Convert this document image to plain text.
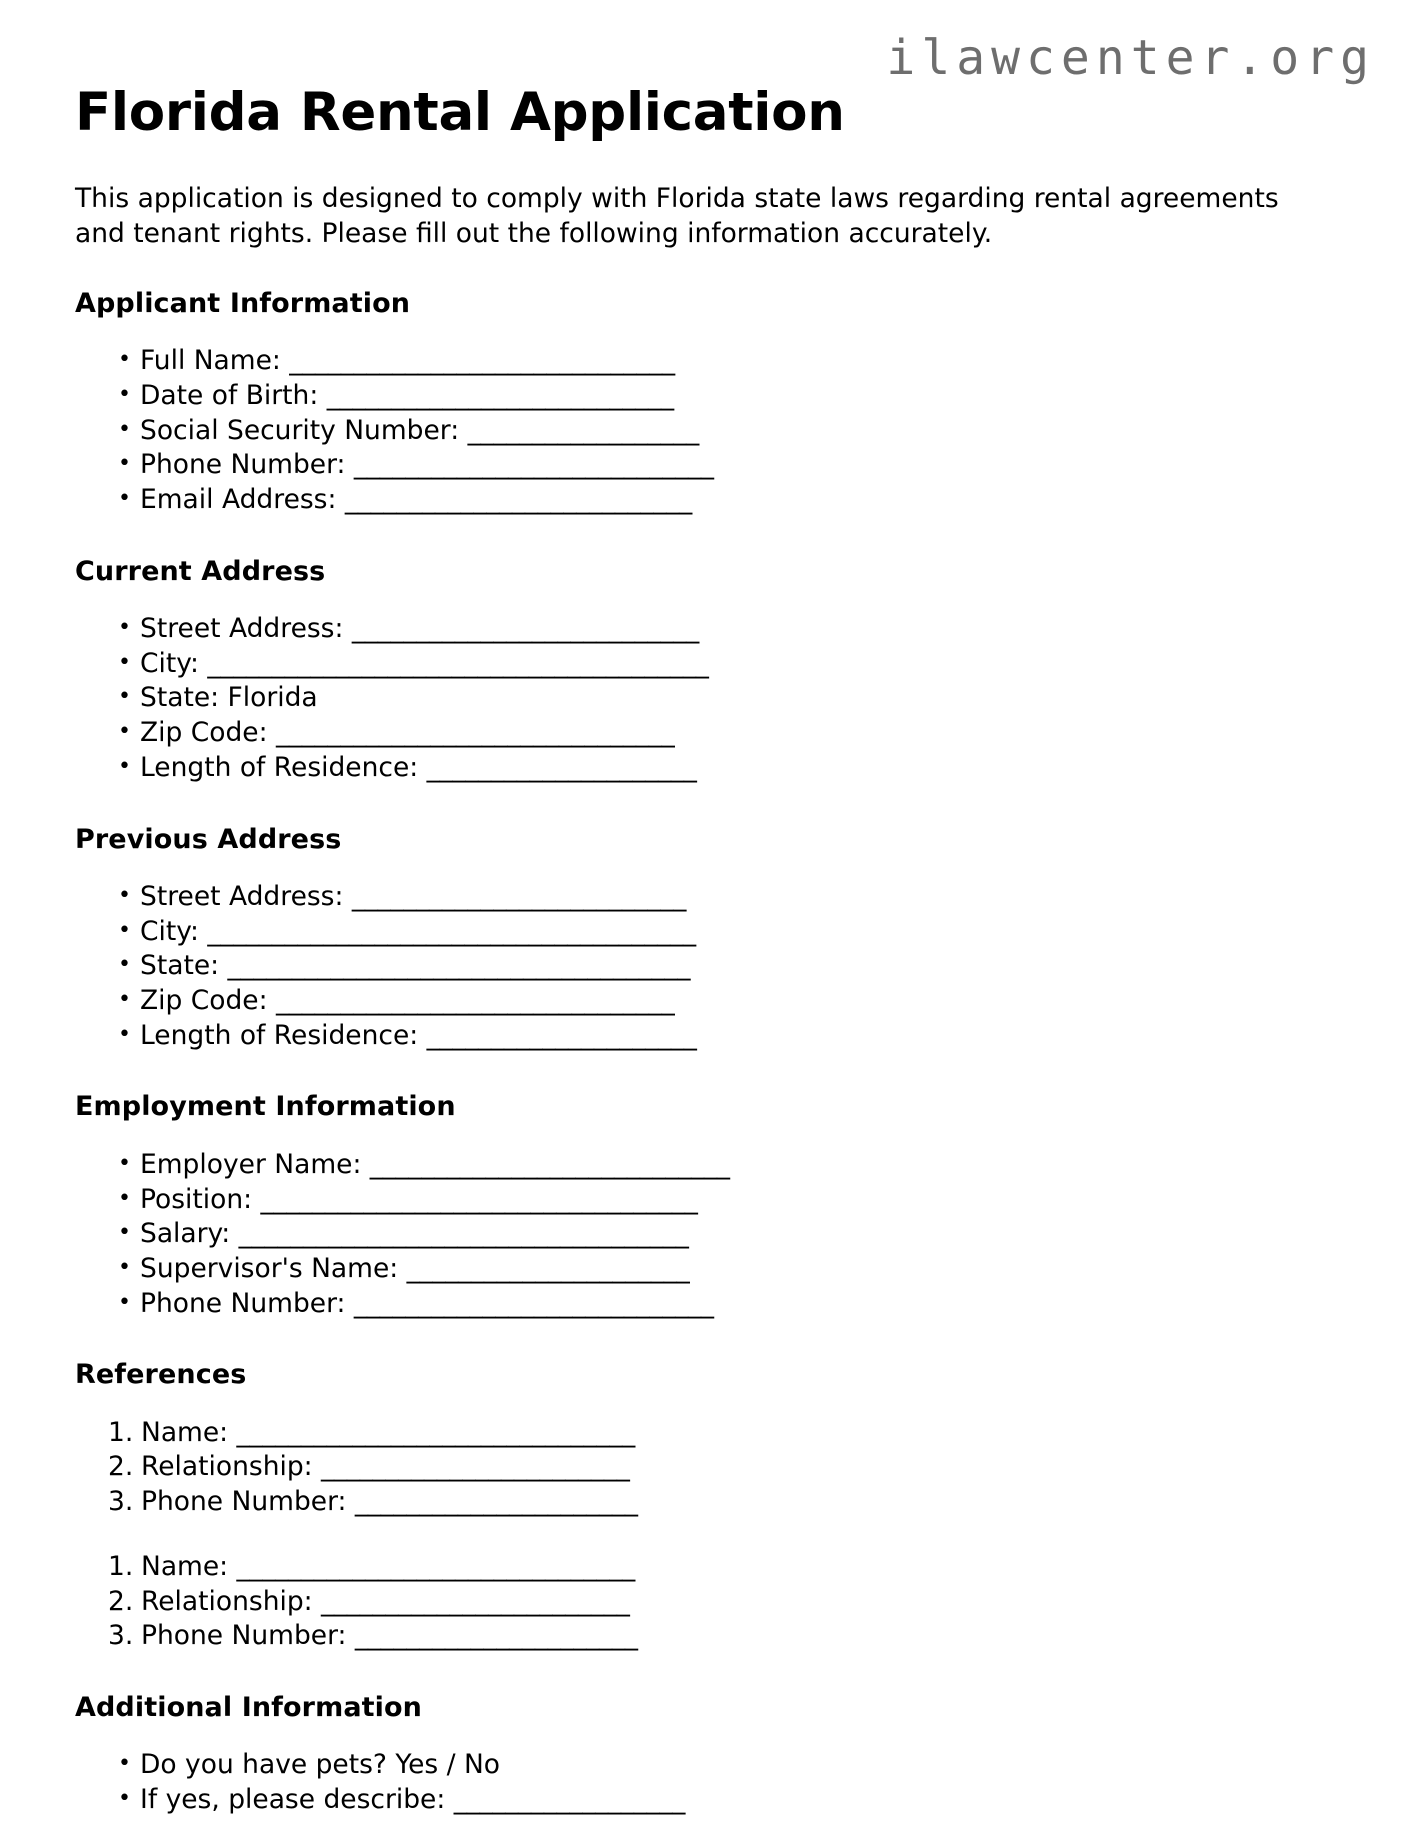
ilawcenter.org
Florida Rental Application

This application is designed to comply with Florida state laws regarding rental agreements and tenant rights. Please fill out the following information accurately.

Applicant Information
• Full Name: ______________________________
• Date of Birth: ___________________________
• Social Security Number: __________________
• Phone Number: ____________________________
• Email Address: ___________________________
Current Address
• Street Address: ___________________________
• City: _______________________________________
• State: Florida
• Zip Code: _______________________________
• Length of Residence: _____________________
Previous Address
• Street Address: __________________________
• City: ______________________________________
• State: ____________________________________
• Zip Code: _______________________________
• Length of Residence: _____________________
Employment Information
• Employer Name: ____________________________
• Position: __________________________________
• Salary: ___________________________________
• Supervisor's Name: ______________________
• Phone Number: ____________________________
References
1. Name: _______________________________
2. Relationship: ________________________
3. Phone Number: ______________________
1. Name: _______________________________
2. Relationship: ________________________
3. Phone Number: ______________________
Additional Information
• Do you have pets? Yes / No
• If yes, please describe: __________________
